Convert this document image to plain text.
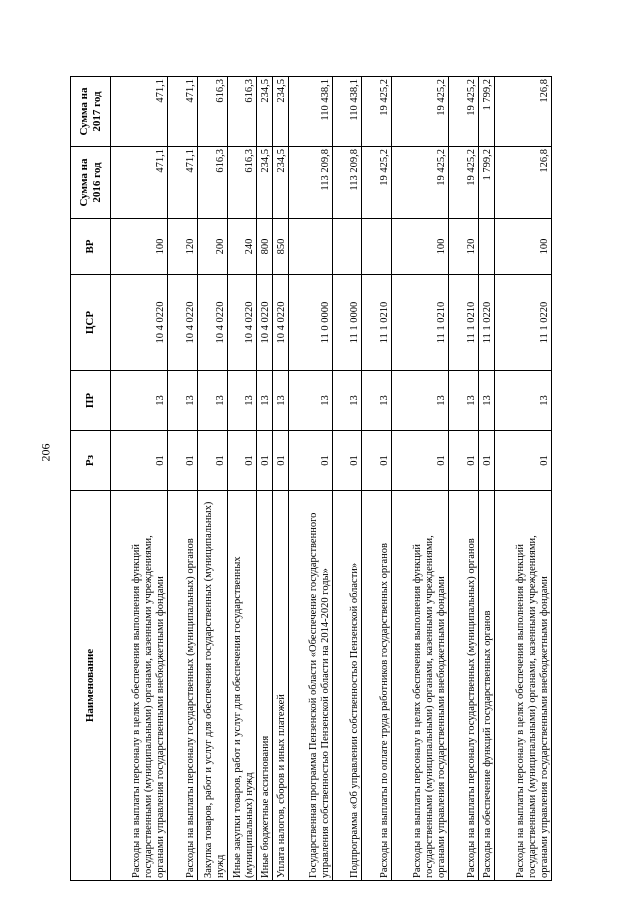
206
Наименование	Рз	ПР	ЦСР	ВР	Сумма на 2016 год	Сумма на 2017 год
Расходы на выплаты персоналу в целях обеспечения выполнения функций государственными (муниципальными) органами, казенными учреждениями, органами управления государственными внебюджетными фондами	01	13	10 4 0220	100	471,1	471,1
Расходы на выплаты персоналу государственных (муниципальных) органов	01	13	10 4 0220	120	471,1	471,1
Закупка товаров, работ и услуг для обеспечения государственных (муниципальных) нужд	01	13	10 4 0220	200	616,3	616,3
Иные закупки товаров, работ и услуг для обеспечения государственных (муниципальных) нужд	01	13	10 4 0220	240	616,3	616,3
Иные бюджетные ассигнования	01	13	10 4 0220	800	234,5	234,5
Уплата налогов, сборов и иных платежей	01	13	10 4 0220	850	234,5	234,5
Государственная программа Пензенской области «Обеспечение государственного управления собственностью Пензенской области на 2014-2020 годы»	01	13	11 0 0000		113 209,8	110 438,1
Подпрограмма «Об управлении собственностью Пензенской области»	01	13	11 1 0000		113 209,8	110 438,1
Расходы на выплаты по оплате труда работников государственных органов	01	13	11 1 0210		19 425,2	19 425,2
Расходы на выплаты персоналу в целях обеспечения выполнения функций государственными (муниципальными) органами, казенными учреждениями, органами управления государственными внебюджетными фондами	01	13	11 1 0210	100	19 425,2	19 425,2
Расходы на выплаты персоналу государственных (муниципальных) органов	01	13	11 1 0210	120	19 425,2	19 425,2
Расходы на обеспечение функций государственных органов	01	13	11 1 0220		1 799,2	1 799,2
Расходы на выплаты персоналу в целях обеспечения выполнения функций государственными (муниципальными) органами, казенными учреждениями, органами управления государственными внебюджетными фондами	01	13	11 1 0220	100	126,8	126,8
